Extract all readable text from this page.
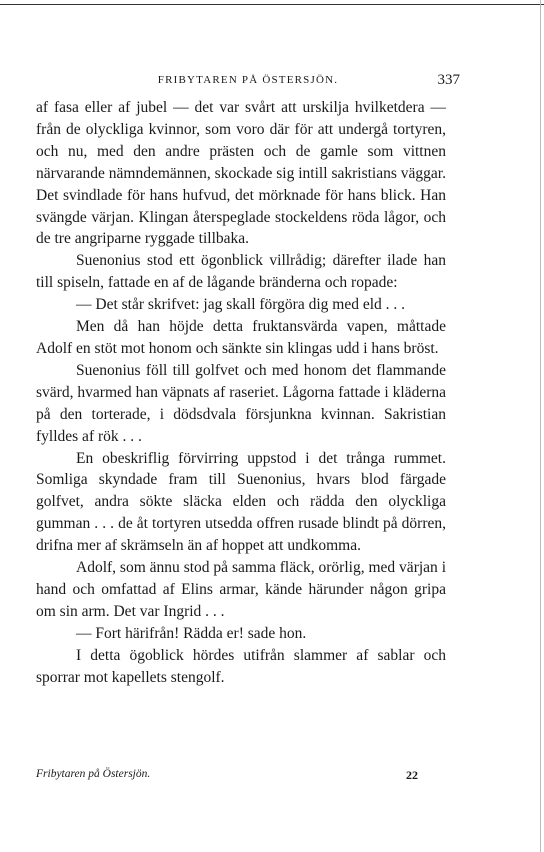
FRIBYTAREN PÅ ÖSTERSJÖN.	337

af fasa eller af jubel — det var svårt att urskilja hvilketdera — från de olyckliga kvinnor, som voro där för att undergå tortyren, och nu, med den andre prästen och de gamle som vittnen närvarande nämndemännen, skockade sig intill sakristians väggar. Det svindlade för hans hufvud, det mörknade för hans blick. Han svängde värjan. Klingan återspeglade stockeldens röda lågor, och de tre angriparne ryggade tillbaka.

Suenonius stod ett ögonblick villrådig; därefter ilade han till spiseln, fattade en af de lågande bränderna och ropade:

— Det står skrifvet: jag skall förgöra dig med eld . . .

Men då han höjde detta fruktansvärda vapen, måttade Adolf en stöt mot honom och sänkte sin klingas udd i hans bröst.

Suenonius föll till golfvet och med honom det flammande svärd, hvarmed han väpnats af raseriet. Lågorna fattade i kläderna på den torterade, i dödsdvala försjunkna kvinnan. Sakristian fylldes af rök . . .

En obeskriflig förvirring uppstod i det trånga rummet. Somliga skyndade fram till Suenonius, hvars blod färgade golfvet, andra sökte släcka elden och rädda den olyckliga gumman . . . de åt tortyren utsedda offren rusade blindt på dörren, drifna mer af skrämseln än af hoppet att undkomma.

Adolf, som ännu stod på samma fläck, orörlig, med värjan i hand och omfattad af Elins armar, kände härunder någon gripa om sin arm. Det var Ingrid . . .

— Fort härifrån! Rädda er! sade hon.

I detta ögoblick hördes utifrån slammer af sablar och sporrar mot kapellets stengolf.

Fribytaren på Östersjön.	22
